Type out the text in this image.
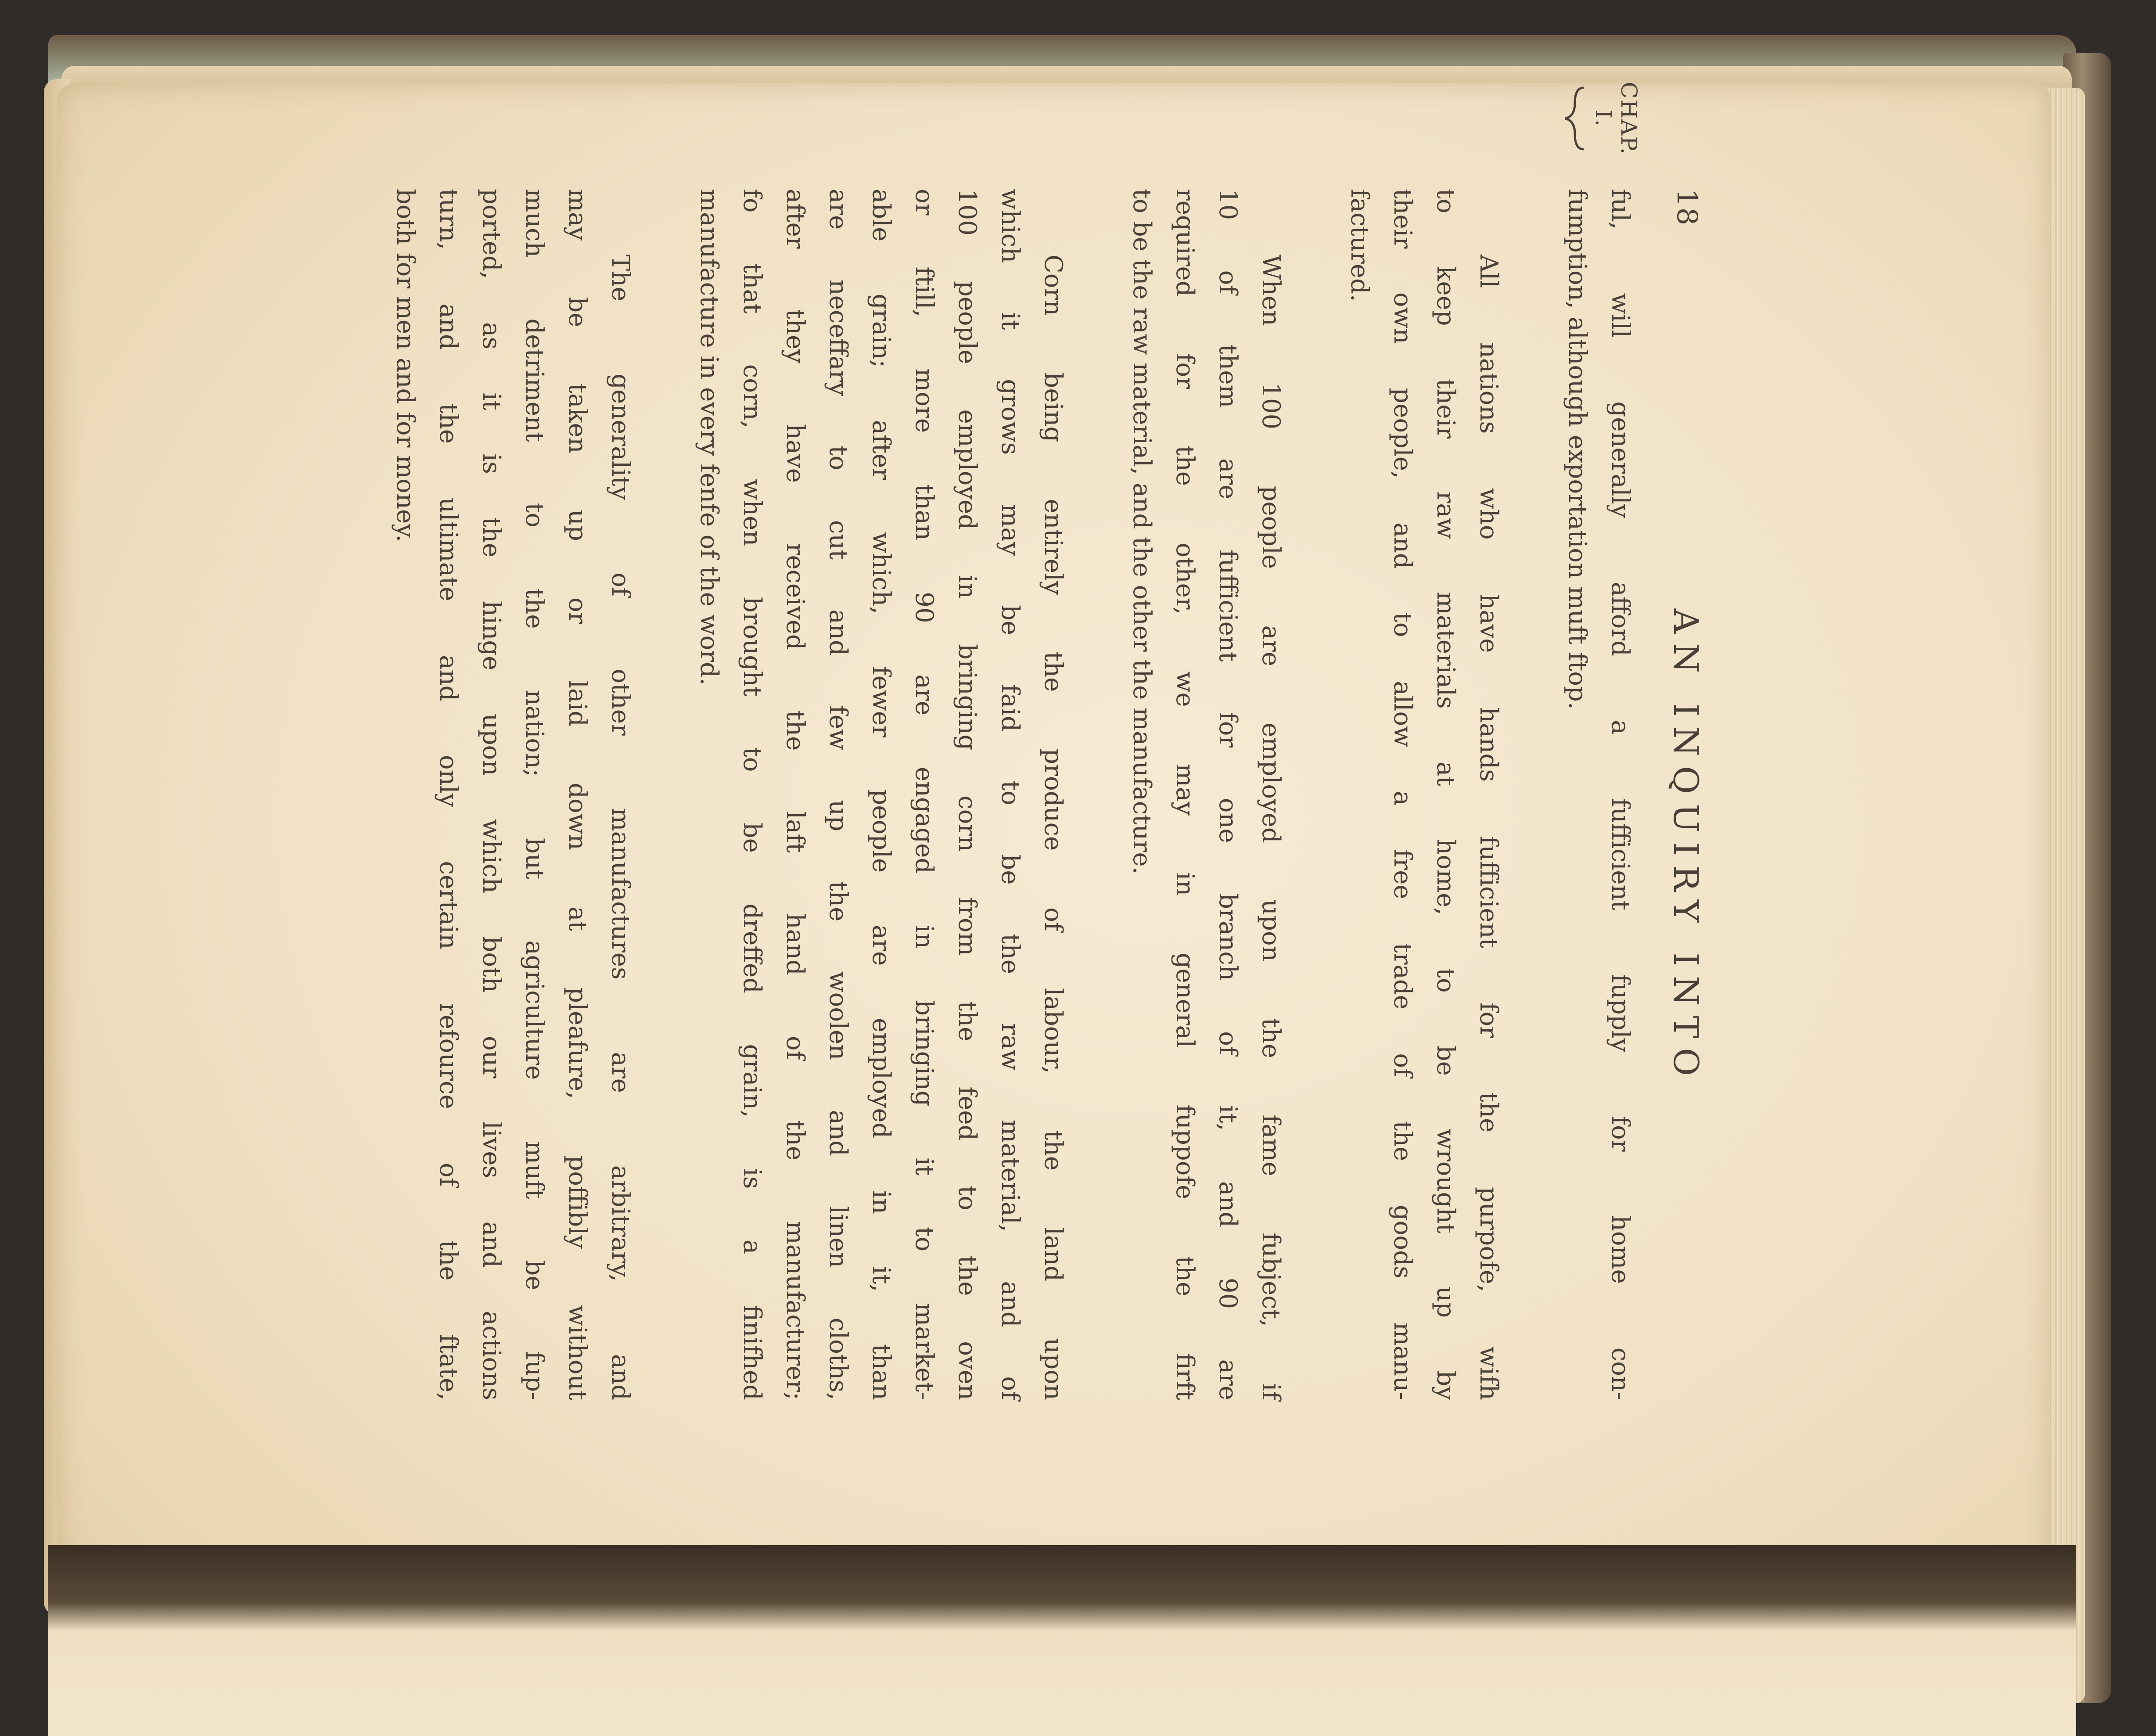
18
AN INQUIRY INTO
CHAP. I.
ful, will generally afford a fufficient fupply for home con-
fumption, although exportation muft ftop.
All nations who have hands fufficient for the purpofe, wifh
to keep their raw materials at home, to be wrought up by
their own people, and to allow a free trade of the goods manu-
factured.
When 100 people are employed upon the fame fubject, if
10 of them are fufficient for one branch of it, and 90 are
required for the other, we may in general fuppofe the firft
to be the raw material, and the other the manufacture.
Corn being entirely the produce of labour, the land upon
which it grows may be faid to be the raw material, and of
100 people employed in bringing corn from the feed to the oven
or ftill, more than 90 are engaged in bringing it to market-
able grain; after which, fewer people are employed in it, than
are neceffary to cut and few up the woolen and linen cloths,
after they have received the laft hand of the manufacturer;
fo that corn, when brought to be dreffed grain, is a finifhed
manufacture in every fenfe of the word.
The generality of other manufactures are arbitrary, and
may be taken up or laid down at pleafure, poffibly without
much detriment to the nation; but agriculture muft be fup-
ported, as it is the hinge upon which both our lives and actions
turn, and the ultimate and only certain refource of the ftate,
both for men and for money.
